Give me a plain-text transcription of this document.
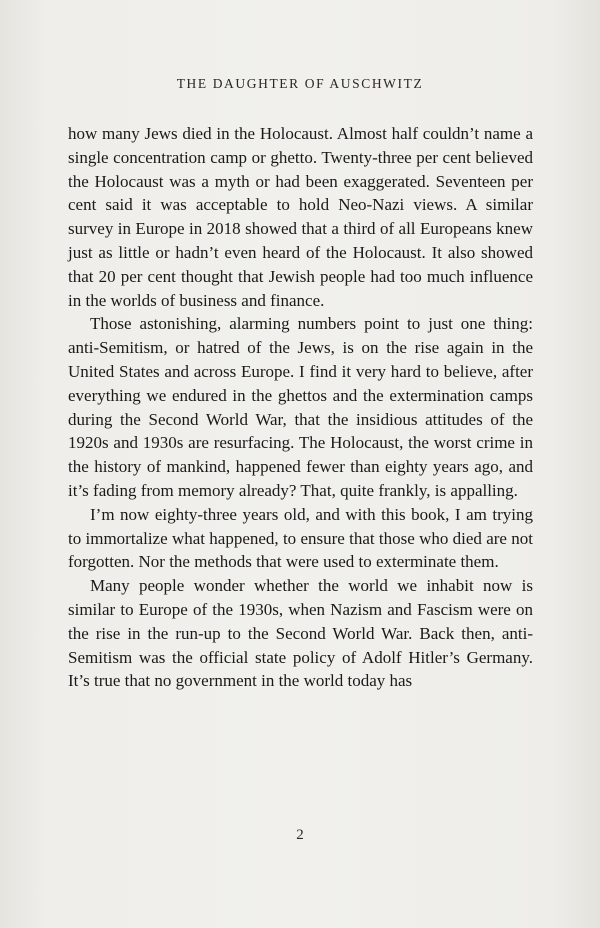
THE DAUGHTER OF AUSCHWITZ

how many Jews died in the Holocaust. Almost half couldn’t name a single concentration camp or ghetto. Twenty-three per cent believed the Holocaust was a myth or had been exaggerated. Seventeen per cent said it was acceptable to hold Neo-Nazi views. A similar survey in Europe in 2018 showed that a third of all Europeans knew just as little or hadn’t even heard of the Holocaust. It also showed that 20 per cent thought that Jewish people had too much influence in the worlds of business and finance.

Those astonishing, alarming numbers point to just one thing: anti-Semitism, or hatred of the Jews, is on the rise again in the United States and across Europe. I find it very hard to believe, after everything we endured in the ghettos and the extermination camps during the Second World War, that the insidious attitudes of the 1920s and 1930s are resurfacing. The Holocaust, the worst crime in the history of mankind, happened fewer than eighty years ago, and it’s fading from memory already? That, quite frankly, is appalling.

I’m now eighty-three years old, and with this book, I am trying to immortalize what happened, to ensure that those who died are not forgotten. Nor the methods that were used to exterminate them.

Many people wonder whether the world we inhabit now is similar to Europe of the 1930s, when Nazism and Fascism were on the rise in the run-up to the Second World War. Back then, anti-Semitism was the official state policy of Adolf Hitler’s Germany. It’s true that no government in the world today has

2
